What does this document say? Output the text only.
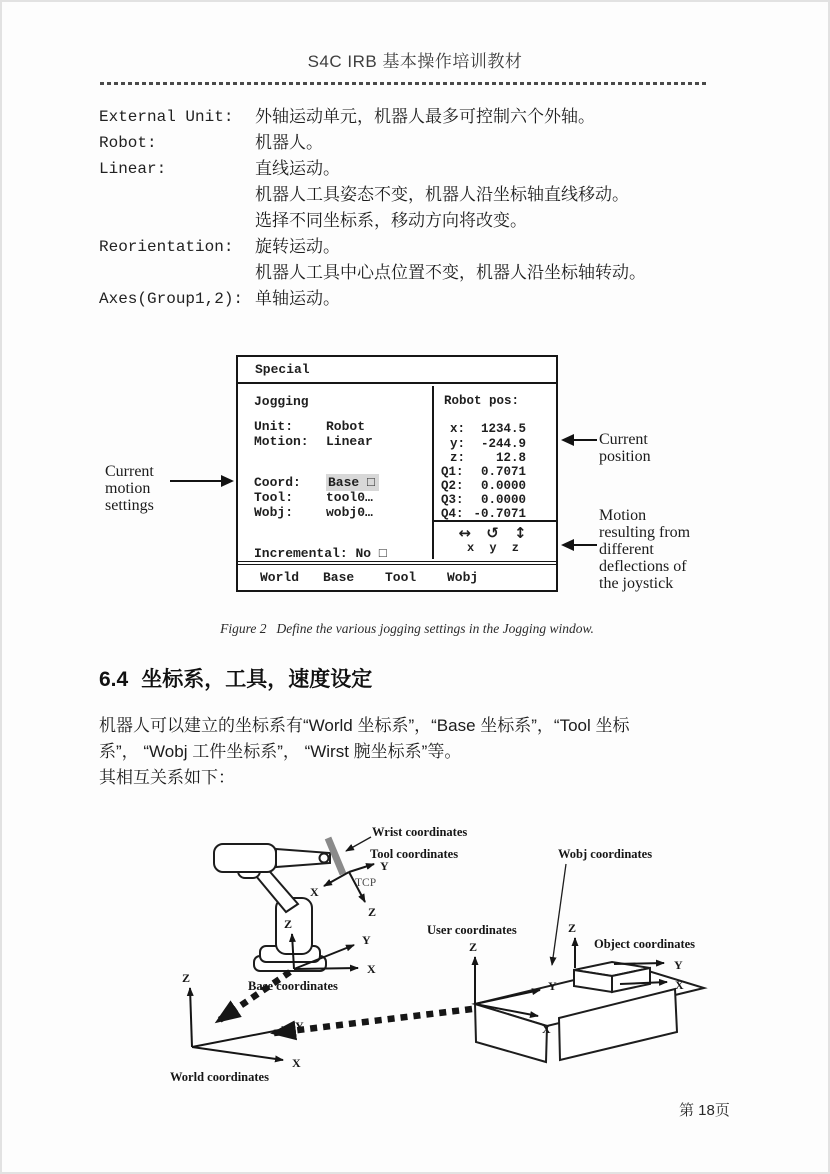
S4C IRB 基本操作培训教材
External Unit: 外轴运动单元，机器人最多可控制六个外轴。
Robot:	机器人。
Linear:	直线运动。
机器人工具姿态不变，机器人沿坐标轴直线移动。
选择不同坐标系，移动方向将改变。
Reorientation: 旋转运动。
机器人工具中心点位置不变，机器人沿坐标轴转动。
Axes(Group1,2): 单轴运动。
Special
Jogging
Unit:	Robot
Motion: Linear
Coord: Base □
Tool:	tool0…
Wobj:	wobj0…
Incremental: No □
Robot pos:
x: 1234.5
y: -244.9
z: 12.8
Q1: 0.7071
Q2: 0.0000
Q3: 0.0000
Q4: -0.7071
↔ ↺ ↕
x y z
World Base Tool Wobj
Current motion settings
Current position
Motion resulting from different deflections of the joystick
Figure 2 Define the various jogging settings in the Jogging window.
6.4 坐标系，工具，速度设定
机器人可以建立的坐标系有“World 坐标系”，“Base 坐标系”，“Tool 坐标
系”， “Wobj 工件坐标系”， “Wirst 腕坐标系”等。
其相互关系如下：
Wrist coordinates
Tool coordinates
Y
X
Z
TCP
Z
Y
X
Base coordinates
Z
Y
X
World coordinates
Z
Y
X
User coordinates
Wobj coordinates
Z
Y
X
Object coordinates
第 18页
